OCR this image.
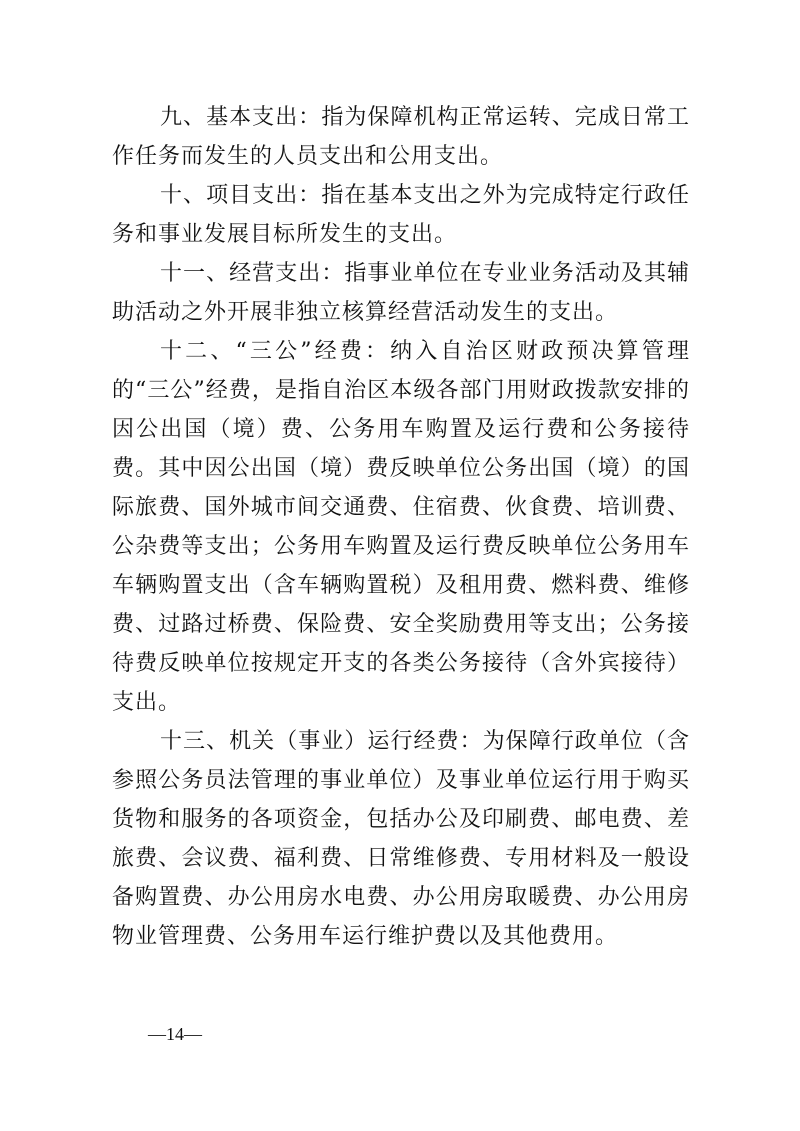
九、基本支出：指为保障机构正常运转、完成日常工作任务而发生的人员支出和公用支出。

十、项目支出：指在基本支出之外为完成特定行政任务和事业发展目标所发生的支出。

十一、经营支出：指事业单位在专业业务活动及其辅助活动之外开展非独立核算经营活动发生的支出。

十二、“三公”经费：纳入自治区财政预决算管理的“三公”经费，是指自治区本级各部门用财政拨款安排的因公出国（境）费、公务用车购置及运行费和公务接待费。其中因公出国（境）费反映单位公务出国（境）的国际旅费、国外城市间交通费、住宿费、伙食费、培训费、公杂费等支出；公务用车购置及运行费反映单位公务用车车辆购置支出（含车辆购置税）及租用费、燃料费、维修费、过路过桥费、保险费、安全奖励费用等支出；公务接待费反映单位按规定开支的各类公务接待（含外宾接待）支出。

十三、机关（事业）运行经费：为保障行政单位（含参照公务员法管理的事业单位）及事业单位运行用于购买货物和服务的各项资金，包括办公及印刷费、邮电费、差旅费、会议费、福利费、日常维修费、专用材料及一般设备购置费、办公用房水电费、办公用房取暖费、办公用房物业管理费、公务用车运行维护费以及其他费用。

—14—
